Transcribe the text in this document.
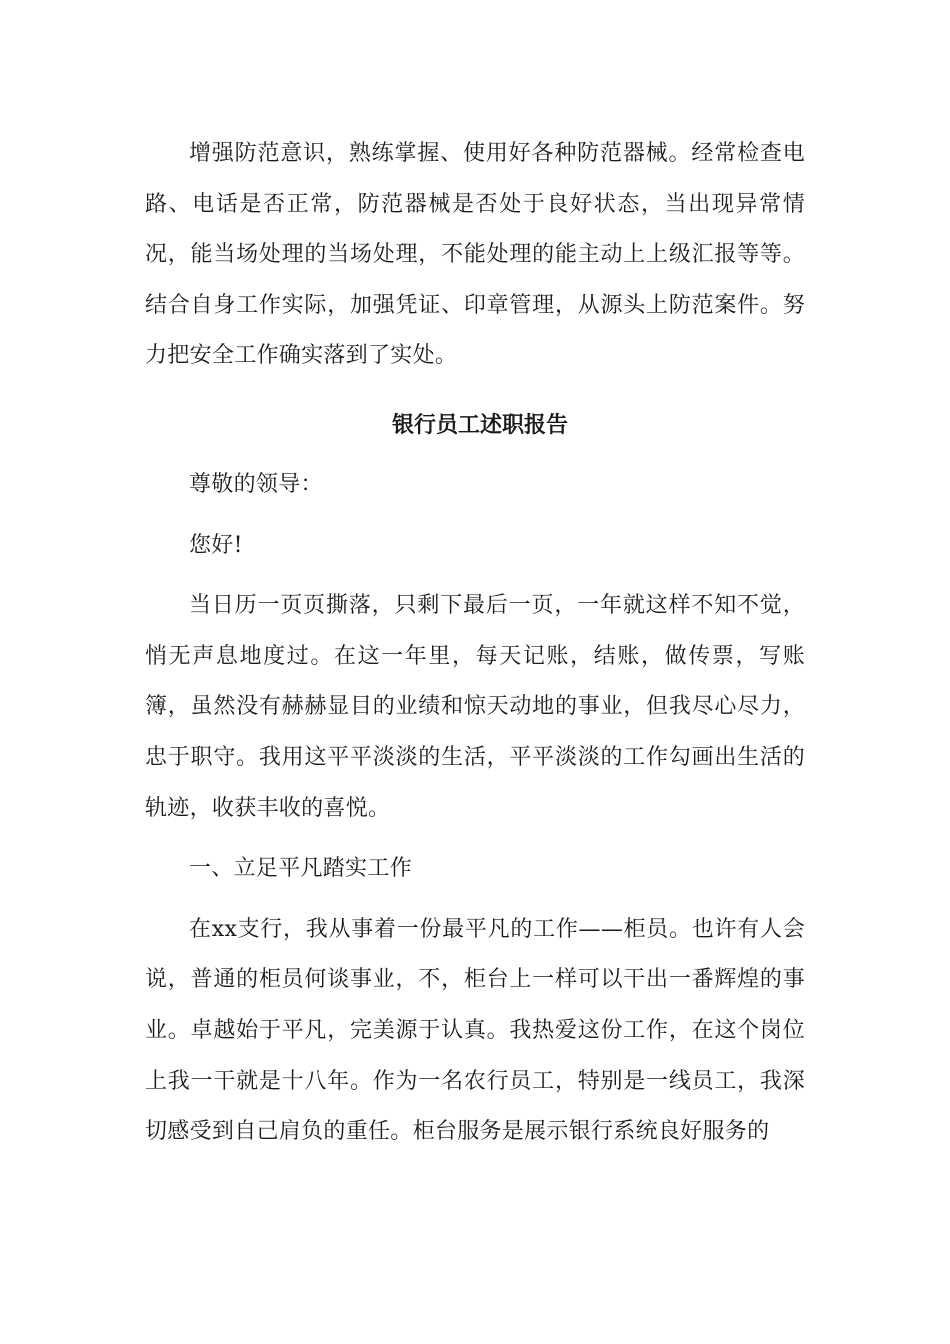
增强防范意识，熟练掌握、使用好各种防范器械。经常检查电路、电话是否正常，防范器械是否处于良好状态，当出现异常情况，能当场处理的当场处理，不能处理的能主动上上级汇报等等。结合自身工作实际，加强凭证、印章管理，从源头上防范案件。努力把安全工作确实落到了实处。

银行员工述职报告

尊敬的领导：

您好!

当日历一页页撕落，只剩下最后一页，一年就这样不知不觉，悄无声息地度过。在这一年里，每天记账，结账，做传票，写账簿，虽然没有赫赫显目的业绩和惊天动地的事业，但我尽心尽力，忠于职守。我用这平平淡淡的生活，平平淡淡的工作勾画出生活的轨迹，收获丰收的喜悦。

一、立足平凡踏实工作

在xx支行，我从事着一份最平凡的工作——柜员。也许有人会说，普通的柜员何谈事业，不，柜台上一样可以干出一番辉煌的事业。卓越始于平凡，完美源于认真。我热爱这份工作，在这个岗位上我一干就是十八年。作为一名农行员工，特别是一线员工，我深切感受到自己肩负的重任。柜台服务是展示银行系统良好服务的
